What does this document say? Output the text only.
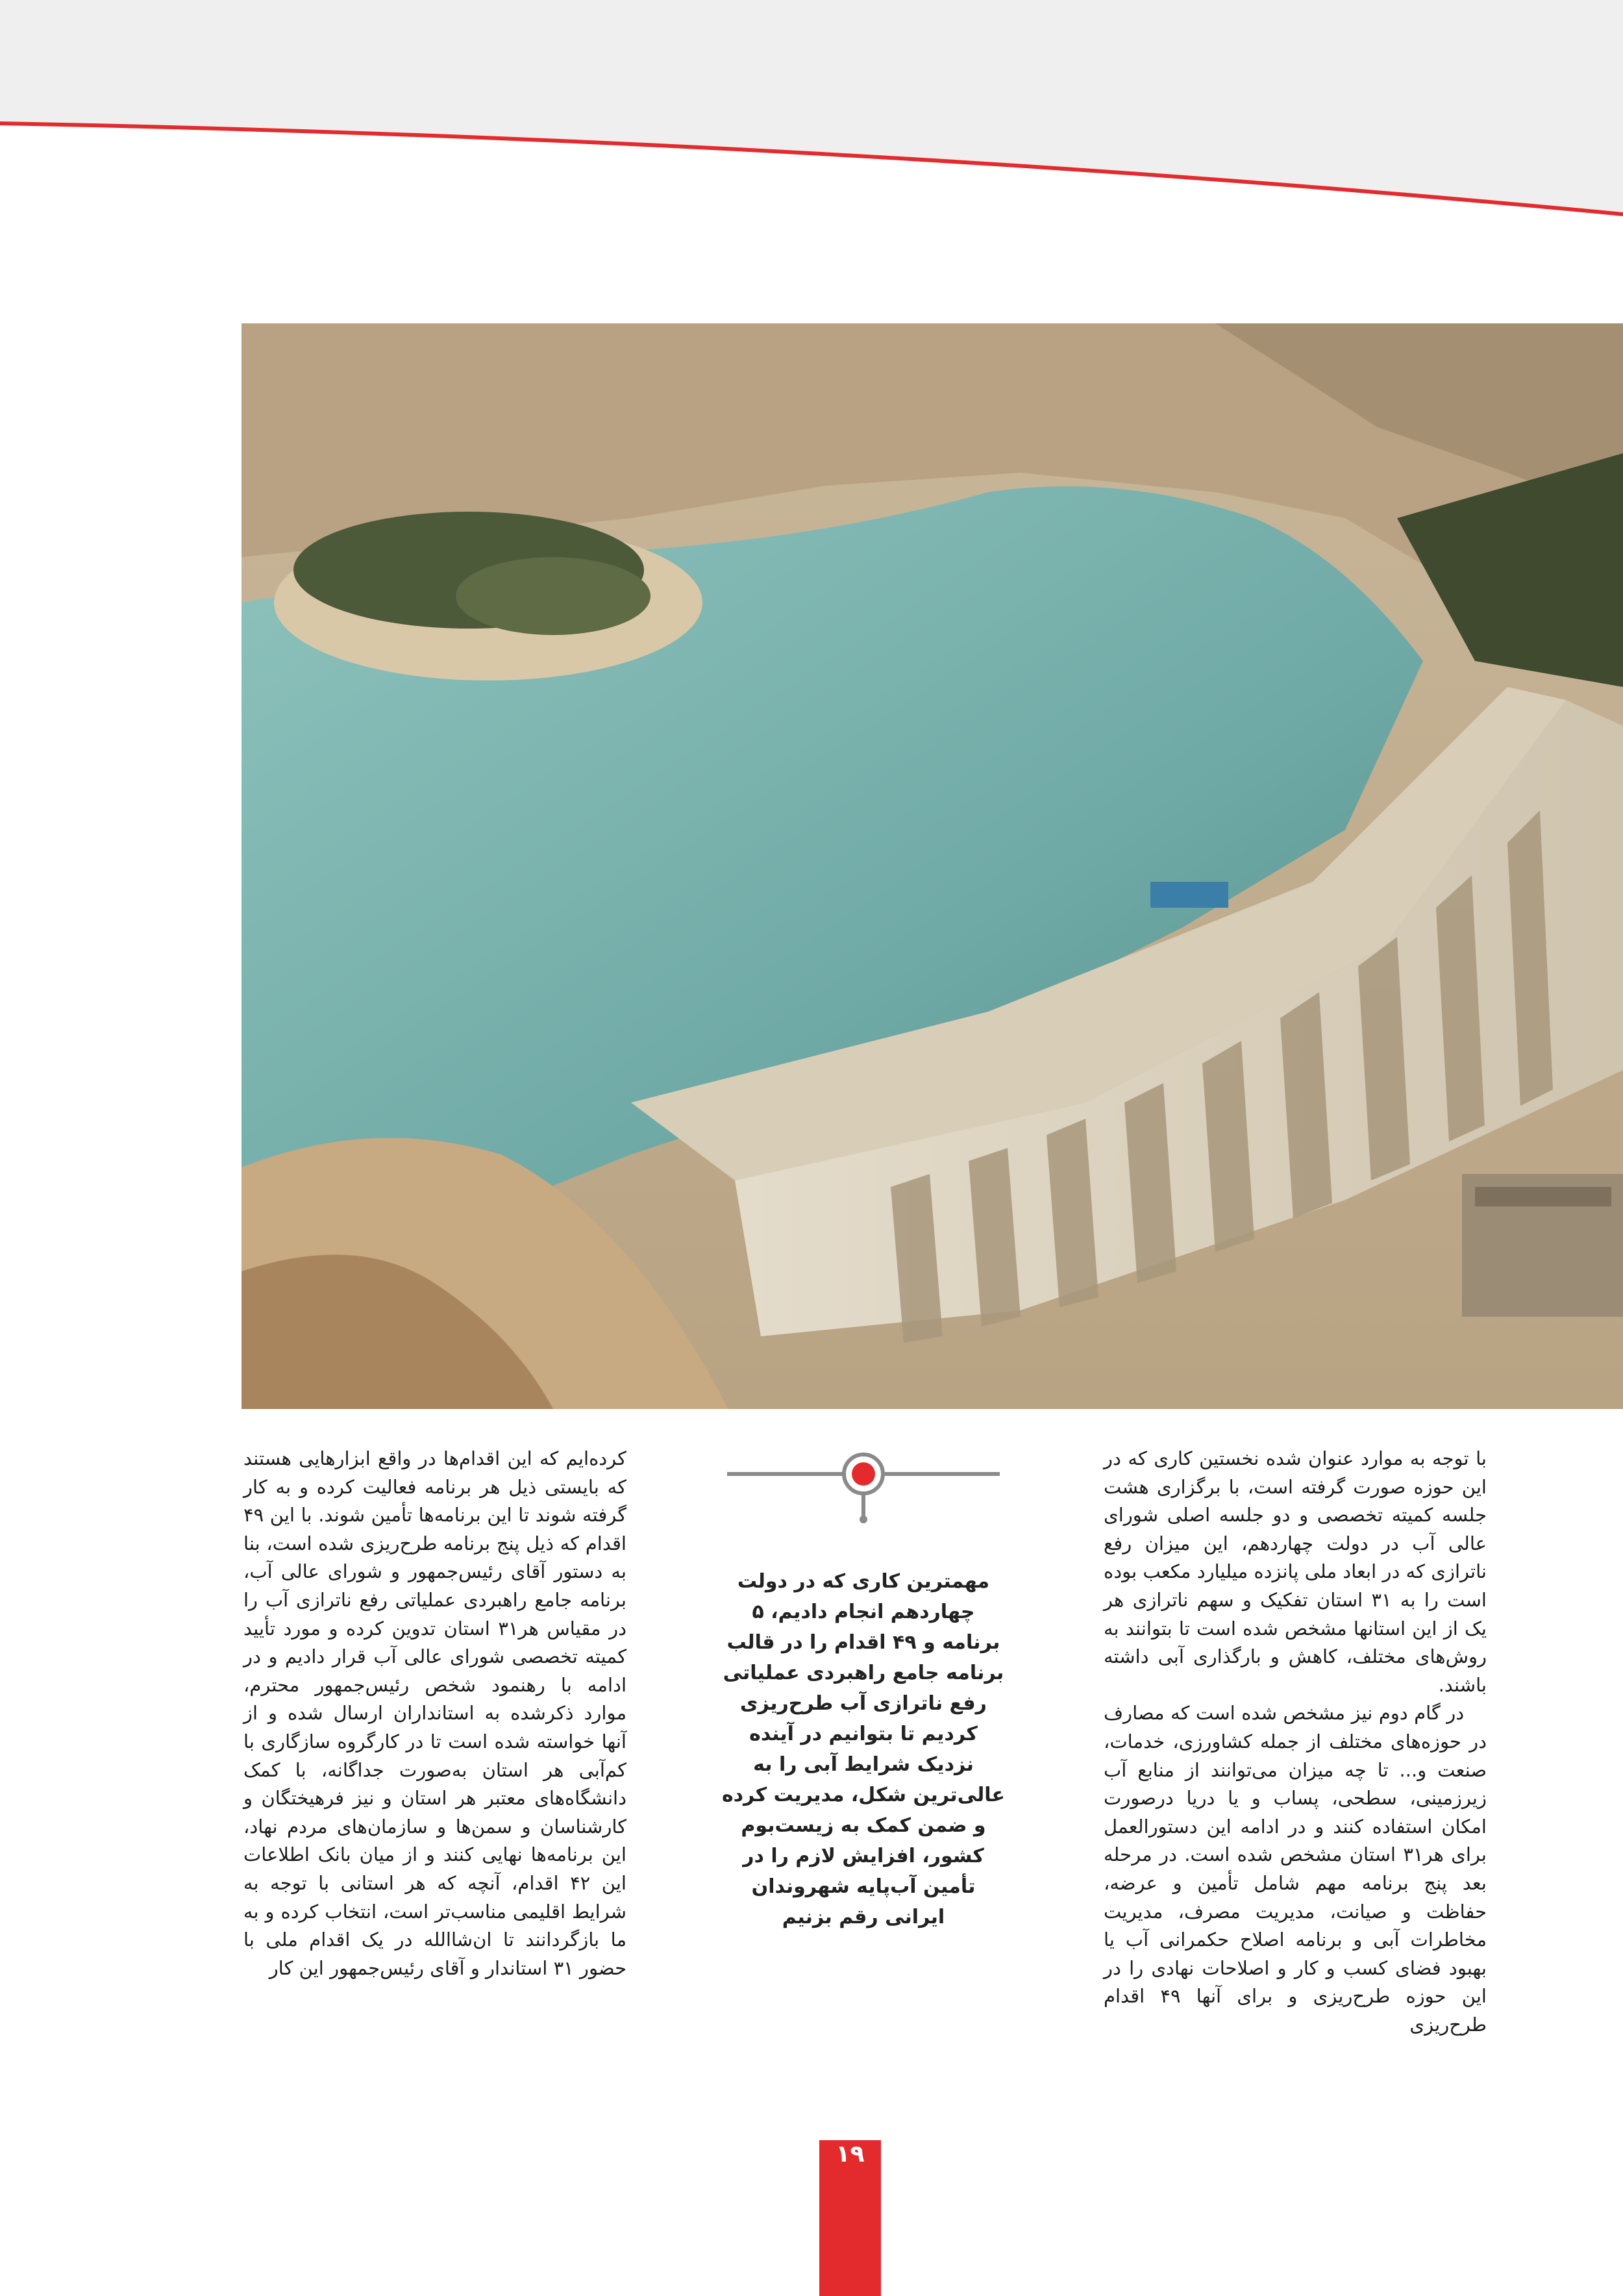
با توجه به موارد عنوان شده نخستین کاری که در این حوزه صورت گرفته است، با برگزاری هشت جلسه کمیته تخصصی و دو جلسه اصلی شورای عالی آب در دولت چهاردهم، این میزان رفع ناترازی که در ابعاد ملی پانزده میلیارد مکعب بوده است را به ۳۱ استان تفکیک و سهم ناترازی هر یک از این استانها مشخص شده است تا بتوانند به روش‌های مختلف، کاهش و بارگذاری آبی داشته باشند.

در گام دوم نیز مشخص شده است که مصارف در حوزه‌های مختلف از جمله کشاورزی، خدمات، صنعت و... تا چه میزان می‌توانند از منابع آب زیرزمینی، سطحی، پساب و یا دریا درصورت امکان استفاده کنند و در ادامه این دستورالعمل برای هر۳۱ استان مشخص شده است. در مرحله بعد پنج برنامه مهم شامل تأمین و عرضه، حفاظت و صیانت، مدیریت مصرف، مدیریت مخاطرات آبی و برنامه اصلاح حکمرانی آب یا بهبود فضای کسب و کار و اصلاحات نهادی را در این حوزه طرح‌ریزی و برای آنها ۴۹ اقدام طرح‌ریزی

مهمترین کاری که در دولت چهاردهم انجام دادیم، ۵ برنامه و ۴۹ اقدام را در قالب برنامه جامع راهبردی عملیاتی رفع ناترازی آب طرح‌ریزی کردیم تا بتوانیم در آینده نزدیک شرایط آبی را به عالی‌ترین شکل، مدیریت کرده و ضمن کمک به زیست‌بوم کشور، افزایش لازم را در تأمین آب‌پایه شهروندان ایرانی رقم بزنیم

کرده‌ایم که این اقدام‌ها در واقع ابزارهایی هستند که بایستی ذیل هر برنامه فعالیت کرده و به کار گرفته شوند تا این برنامه‌ها تأمین شوند. با این ۴۹ اقدام که ذیل پنج برنامه طرح‌ریزی شده است، بنا به دستور آقای رئیس‌جمهور و شورای عالی آب، برنامه جامع راهبردی عملیاتی رفع ناترازی آب را در مقیاس هر۳۱ استان تدوین کرده و مورد تأیید کمیته تخصصی شورای عالی آب قرار دادیم و در ادامه با رهنمود شخص رئیس‌جمهور محترم، موارد ذکر‌شده به استانداران ارسال شده و از آنها خواسته شده است تا در کارگروه سازگاری با کم‌آبی هر استان به‌صورت جداگانه، با کمک دانشگاه‌های معتبر هر استان و نیز فرهیختگان و کارشناسان و سمن‌ها و سازمان‌های مردم نهاد، این برنامه‌ها نهایی کنند و از میان بانک اطلاعات این ۴۲ اقدام، آنچه که هر استانی با توجه به شرایط اقلیمی مناسب‌تر است، انتخاب کرده و به ما بازگردانند تا ان‌شاالله در یک اقدام ملی با حضور ۳۱ استاندار و آقای رئیس‌جمهور این کار

۱۹
